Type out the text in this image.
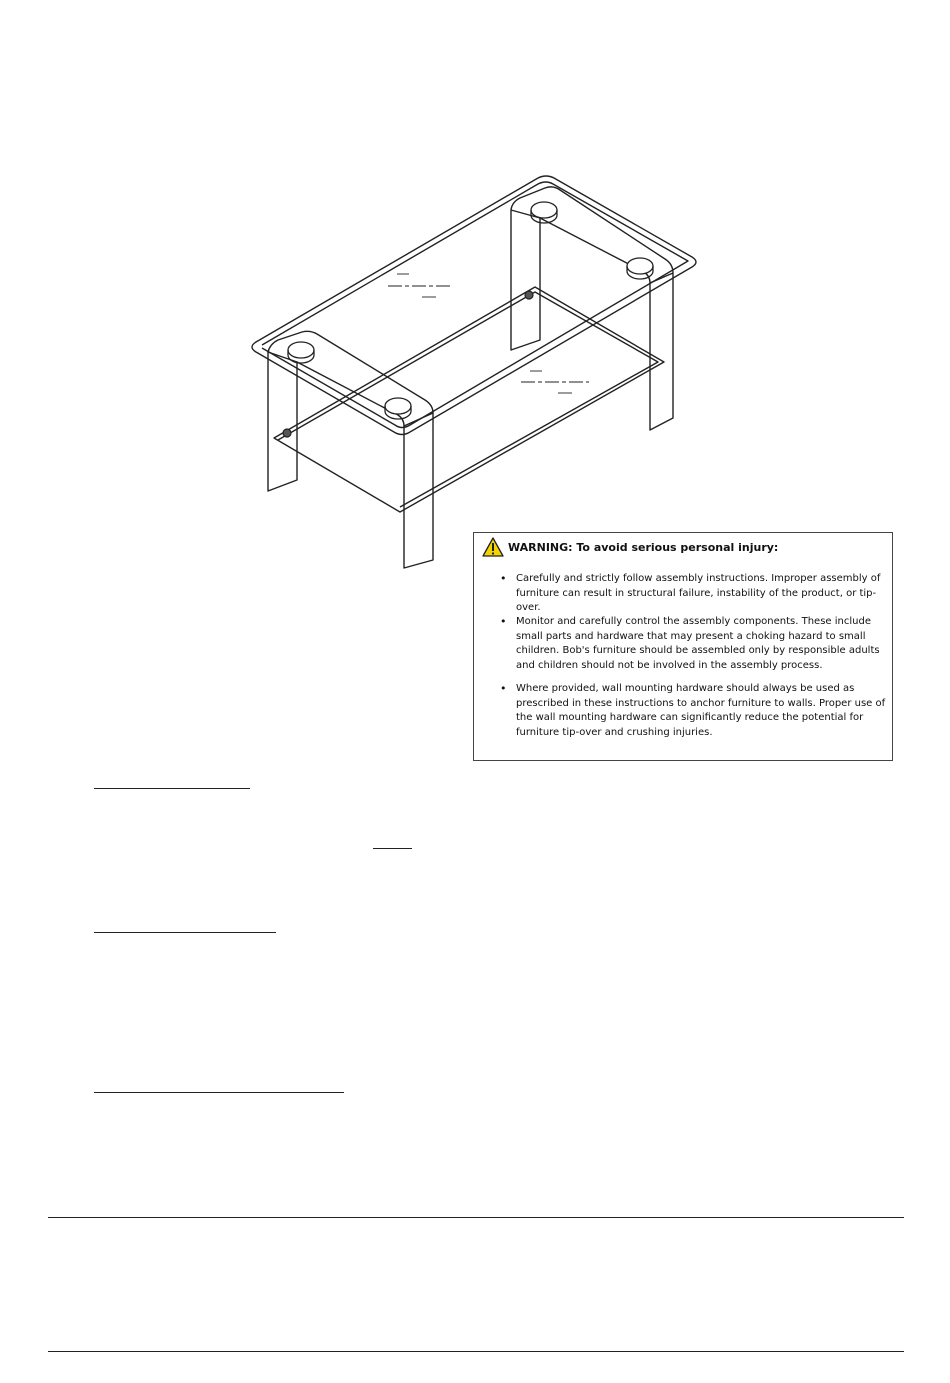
WARNING: To avoid serious personal injury:
• Carefully and strictly follow assembly instructions. Improper assembly of furniture can result in structural failure, instability of the product, or tip-over.
• Monitor and carefully control the assembly components. These include small parts and hardware that may present a choking hazard to small children. Bob's furniture should be assembled only by responsible adults and children should not be involved in the assembly process.
• Where provided, wall mounting hardware should always be used as prescribed in these instructions to anchor furniture to walls. Proper use of the wall mounting hardware can significantly reduce the potential for furniture tip-over and crushing injuries.
